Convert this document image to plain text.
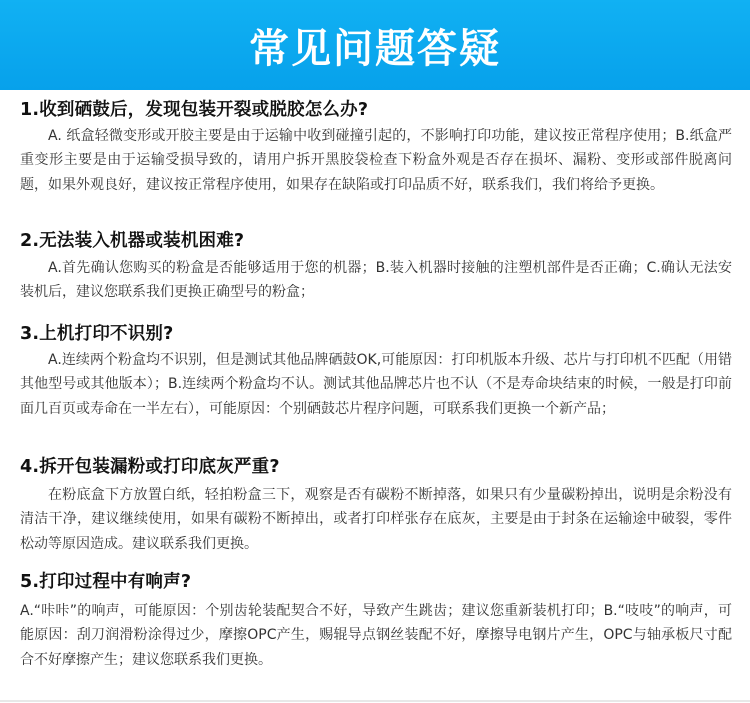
常见问题答疑
1.收到硒鼓后，发现包装开裂或脱胶怎么办?
A. 纸盒轻微变形或开胶主要是由于运输中收到碰撞引起的，不影响打印功能，建议按正常程序使用；B.纸盒严重变形主要是由于运输受损导致的，请用户拆开黑胶袋检查下粉盒外观是否存在损坏、漏粉、变形或部件脱离问题，如果外观良好，建议按正常程序使用，如果存在缺陷或打印品质不好，联系我们，我们将给予更换。
2.无法装入机器或装机困难?
A.首先确认您购买的粉盒是否能够适用于您的机器；B.装入机器时接触的注塑机部件是否正确；C.确认无法安装机后，建议您联系我们更换正确型号的粉盒；
3.上机打印不识别?
A.连续两个粉盒均不识别，但是测试其他品牌硒鼓OK,可能原因：打印机版本升级、芯片与打印机不匹配（用错其他型号或其他版本）；B.连续两个粉盒均不认。测试其他品牌芯片也不认（不是寿命块结束的时候，一般是打印前面几百页或寿命在一半左右），可能原因：个别硒鼓芯片程序问题，可联系我们更换一个新产品；
4.拆开包装漏粉或打印底灰严重?
在粉底盒下方放置白纸，轻拍粉盒三下，观察是否有碳粉不断掉落，如果只有少量碳粉掉出，说明是余粉没有清洁干净，建议继续使用，如果有碳粉不断掉出，或者打印样张存在底灰，主要是由于封条在运输途中破裂，零件松动等原因造成。建议联系我们更换。
5.打印过程中有响声?
A.“咔咔”的响声，可能原因：个别齿轮装配契合不好，导致产生跳齿；建议您重新装机打印；B.“吱吱”的响声，可能原因：刮刀润滑粉涂得过少，摩擦OPC产生，赐辊导点钢丝装配不好，摩擦导电钢片产生，OPC与轴承板尺寸配合不好摩擦产生；建议您联系我们更换。
